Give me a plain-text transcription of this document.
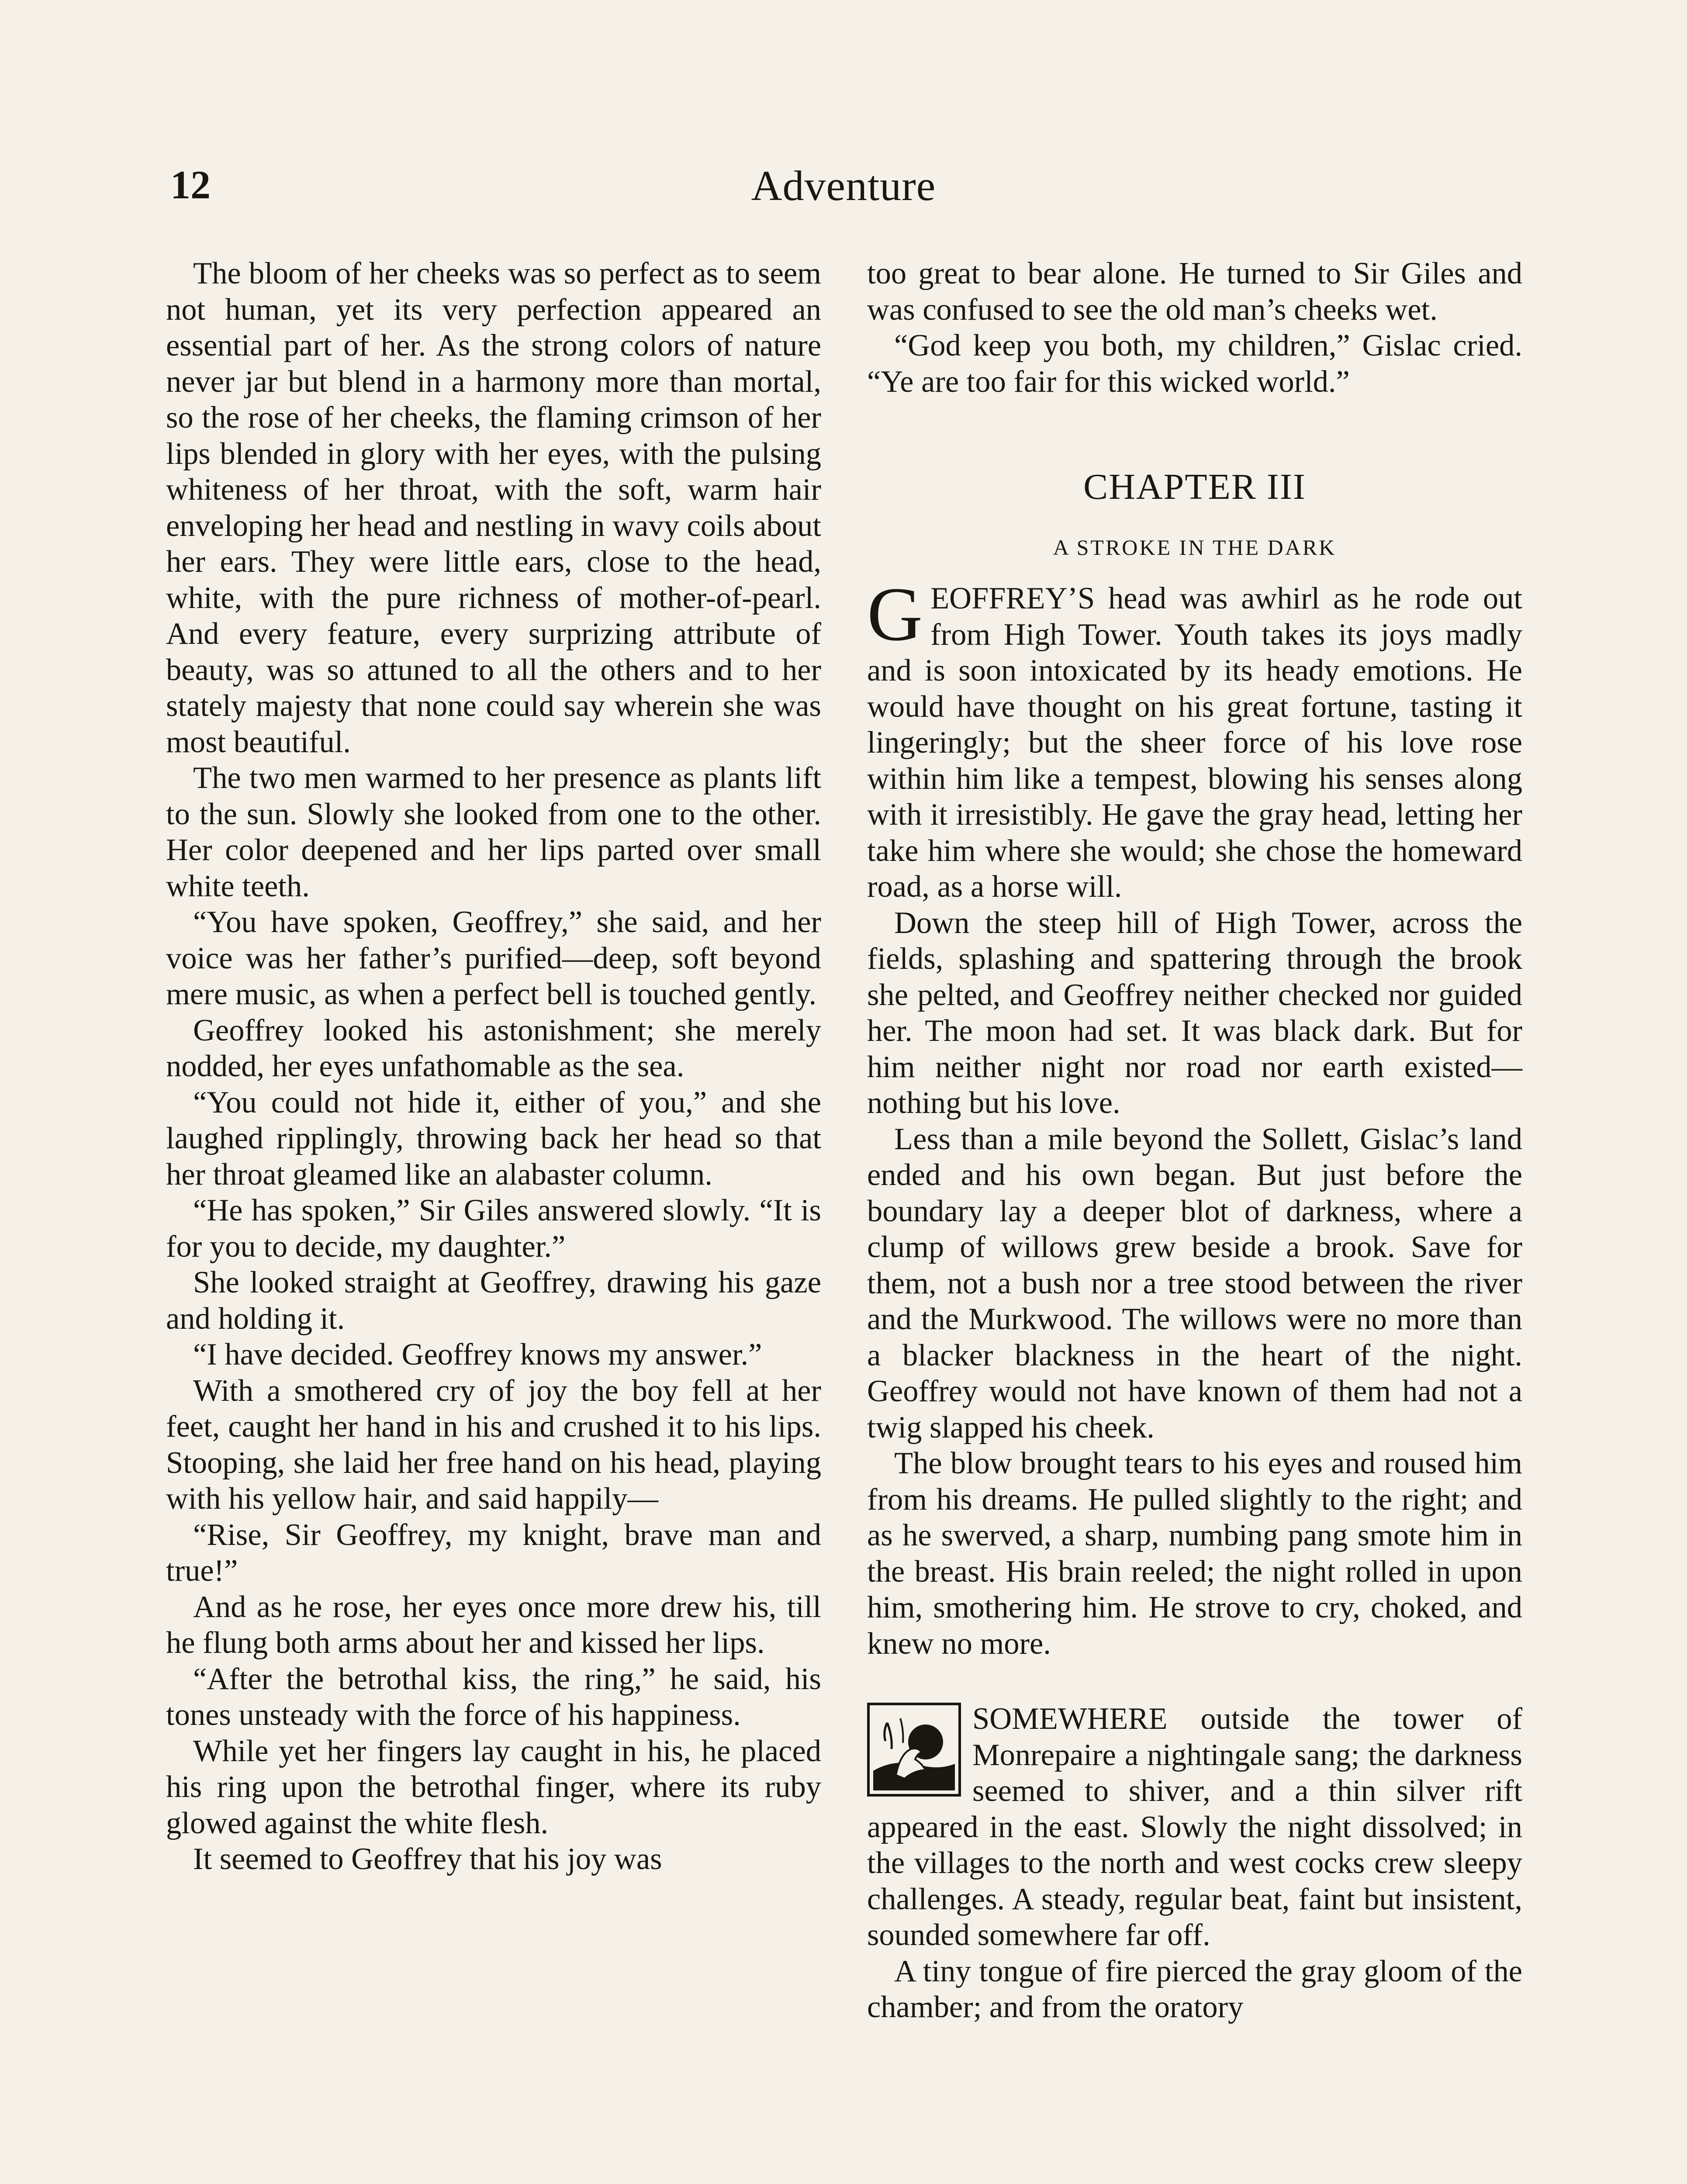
12	Adventure

The bloom of her cheeks was so perfect as to seem not human, yet its very perfection appeared an essential part of her. As the strong colors of nature never jar but blend in a harmony more than mortal, so the rose of her cheeks, the flaming crimson of her lips blended in glory with her eyes, with the pulsing whiteness of her throat, with the soft, warm hair enveloping her head and nestling in wavy coils about her ears. They were little ears, close to the head, white, with the pure richness of mother-of-pearl. And every feature, every surprizing attribute of beauty, was so attuned to all the others and to her stately majesty that none could say wherein she was most beautiful.

The two men warmed to her presence as plants lift to the sun. Slowly she looked from one to the other. Her color deepened and her lips parted over small white teeth.

“You have spoken, Geoffrey,” she said, and her voice was her father’s purified—deep, soft beyond mere music, as when a perfect bell is touched gently.

Geoffrey looked his astonishment; she merely nodded, her eyes unfathomable as the sea.

“You could not hide it, either of you,” and she laughed ripplingly, throwing back her head so that her throat gleamed like an alabaster column.

“He has spoken,” Sir Giles answered slowly. “It is for you to decide, my daughter.”

She looked straight at Geoffrey, drawing his gaze and holding it.

“I have decided. Geoffrey knows my answer.”

With a smothered cry of joy the boy fell at her feet, caught her hand in his and crushed it to his lips. Stooping, she laid her free hand on his head, playing with his yellow hair, and said happily—

“Rise, Sir Geoffrey, my knight, brave man and true!”

And as he rose, her eyes once more drew his, till he flung both arms about her and kissed her lips.

“After the betrothal kiss, the ring,” he said, his tones unsteady with the force of his happiness.

While yet her fingers lay caught in his, he placed his ring upon the betrothal finger, where its ruby glowed against the white flesh.

It seemed to Geoffrey that his joy was

too great to bear alone. He turned to Sir Giles and was confused to see the old man’s cheeks wet.

“God keep you both, my children,” Gislac cried. “Ye are too fair for this wicked world.”

CHAPTER III
A STROKE IN THE DARK

GEOFFREY’S head was awhirl as he rode out from High Tower. Youth takes its joys madly and is soon intoxicated by its heady emotions. He would have thought on his great fortune, tasting it lingeringly; but the sheer force of his love rose within him like a tempest, blowing his senses along with it irresistibly. He gave the gray head, letting her take him where she would; she chose the homeward road, as a horse will.

Down the steep hill of High Tower, across the fields, splashing and spattering through the brook she pelted, and Geoffrey neither checked nor guided her. The moon had set. It was black dark. But for him neither night nor road nor earth existed—nothing but his love.

Less than a mile beyond the Sollett, Gislac’s land ended and his own began. But just before the boundary lay a deeper blot of darkness, where a clump of willows grew beside a brook. Save for them, not a bush nor a tree stood between the river and the Murkwood. The willows were no more than a blacker blackness in the heart of the night. Geoffrey would not have known of them had not a twig slapped his cheek.

The blow brought tears to his eyes and roused him from his dreams. He pulled slightly to the right; and as he swerved, a sharp, numbing pang smote him in the breast. His brain reeled; the night rolled in upon him, smothering him. He strove to cry, choked, and knew no more.

SOMEWHERE outside the tower of Monrepaire a nightingale sang; the darkness seemed to shiver, and a thin silver rift appeared in the east. Slowly the night dissolved; in the villages to the north and west cocks crew sleepy challenges. A steady, regular beat, faint but insistent, sounded somewhere far off.

A tiny tongue of fire pierced the gray gloom of the chamber; and from the oratory
